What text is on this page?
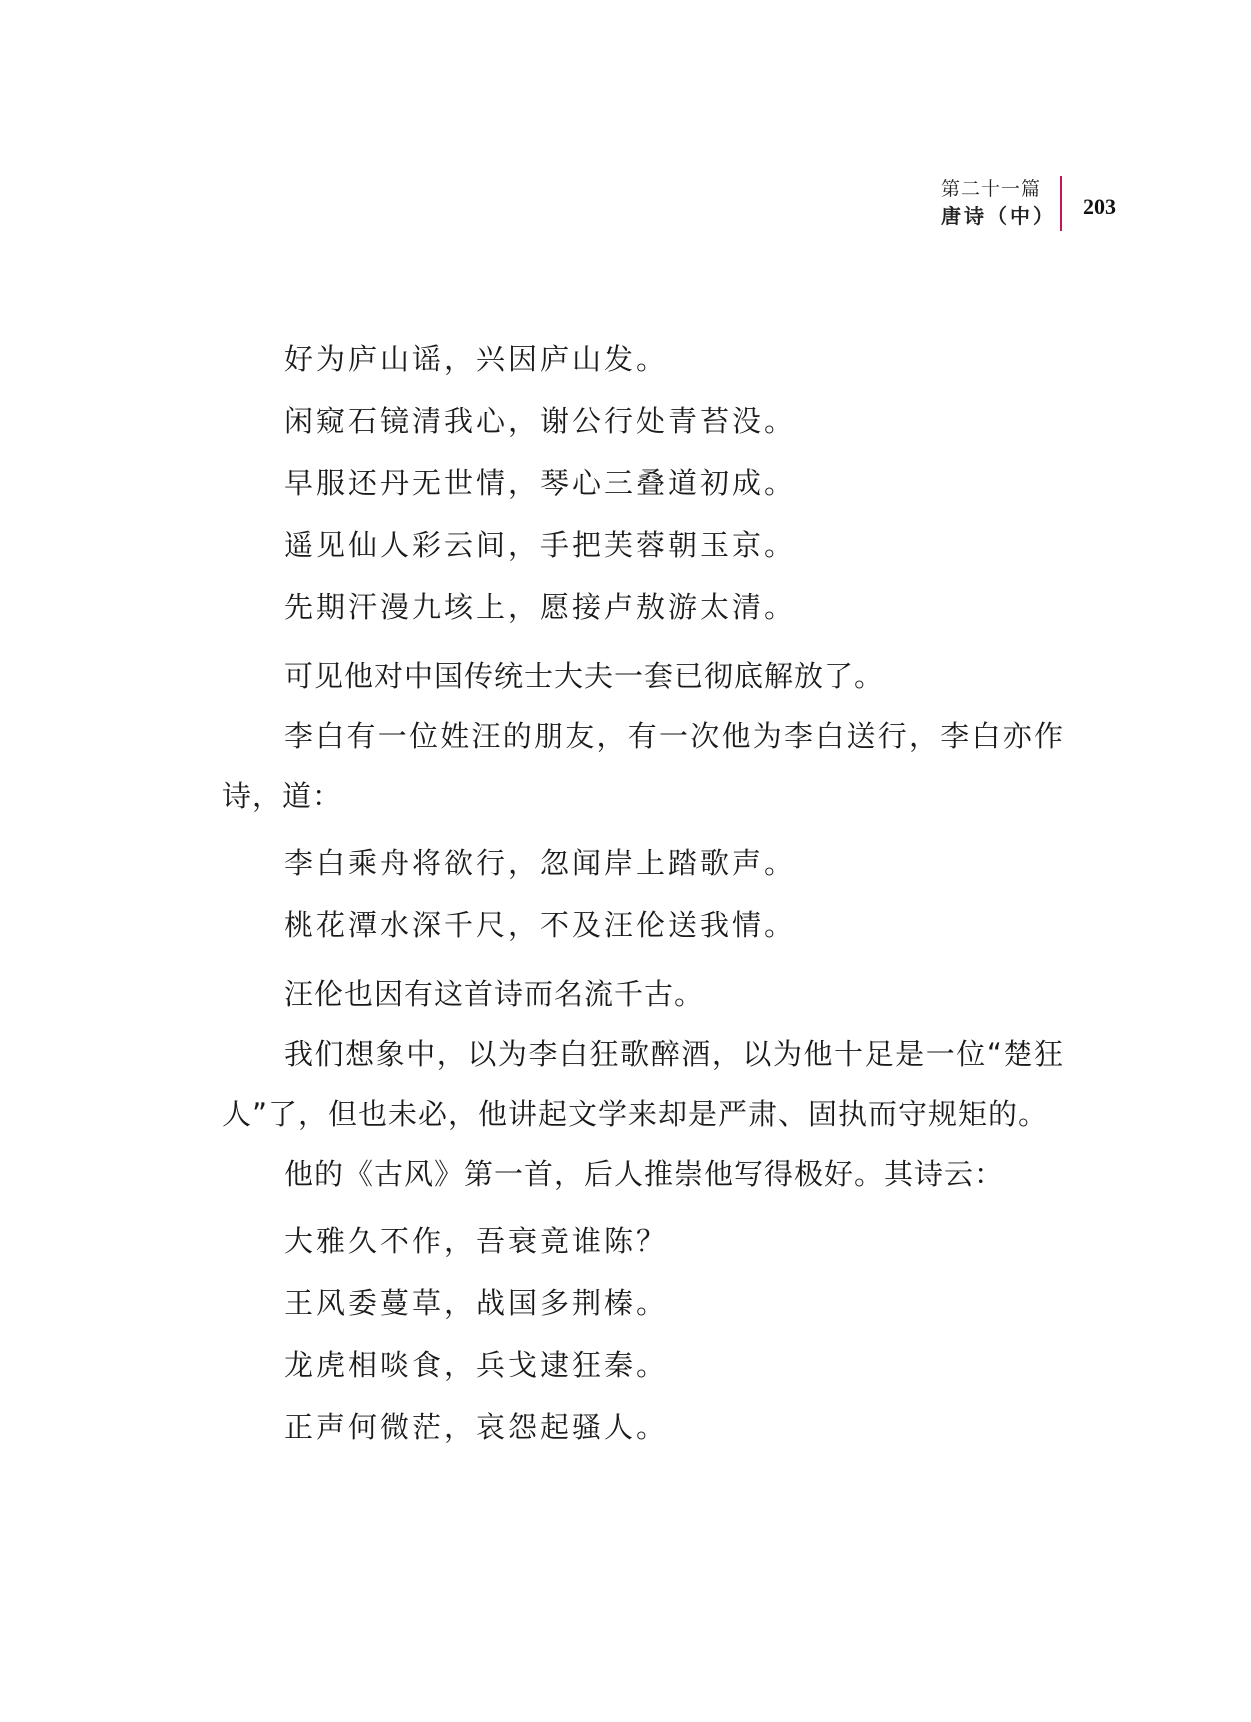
第二十一篇
唐诗（中） 203
好为庐山谣，兴因庐山发。
闲窥石镜清我心，谢公行处青苔没。
早服还丹无世情，琴心三叠道初成。
遥见仙人彩云间，手把芙蓉朝玉京。
先期汗漫九垓上，愿接卢敖游太清。

可见他对中国传统士大夫一套已彻底解放了。

李白有一位姓汪的朋友，有一次他为李白送行，李白亦作诗，道：

李白乘舟将欲行，忽闻岸上踏歌声。
桃花潭水深千尺，不及汪伦送我情。

汪伦也因有这首诗而名流千古。

我们想象中，以为李白狂歌醉酒，以为他十足是一位“楚狂人”了，但也未必，他讲起文学来却是严肃、固执而守规矩的。

他的《古风》第一首，后人推崇他写得极好。其诗云：

大雅久不作，吾衰竟谁陈？
王风委蔓草，战国多荆榛。
龙虎相啖食，兵戈逮狂秦。
正声何微茫，哀怨起骚人。
